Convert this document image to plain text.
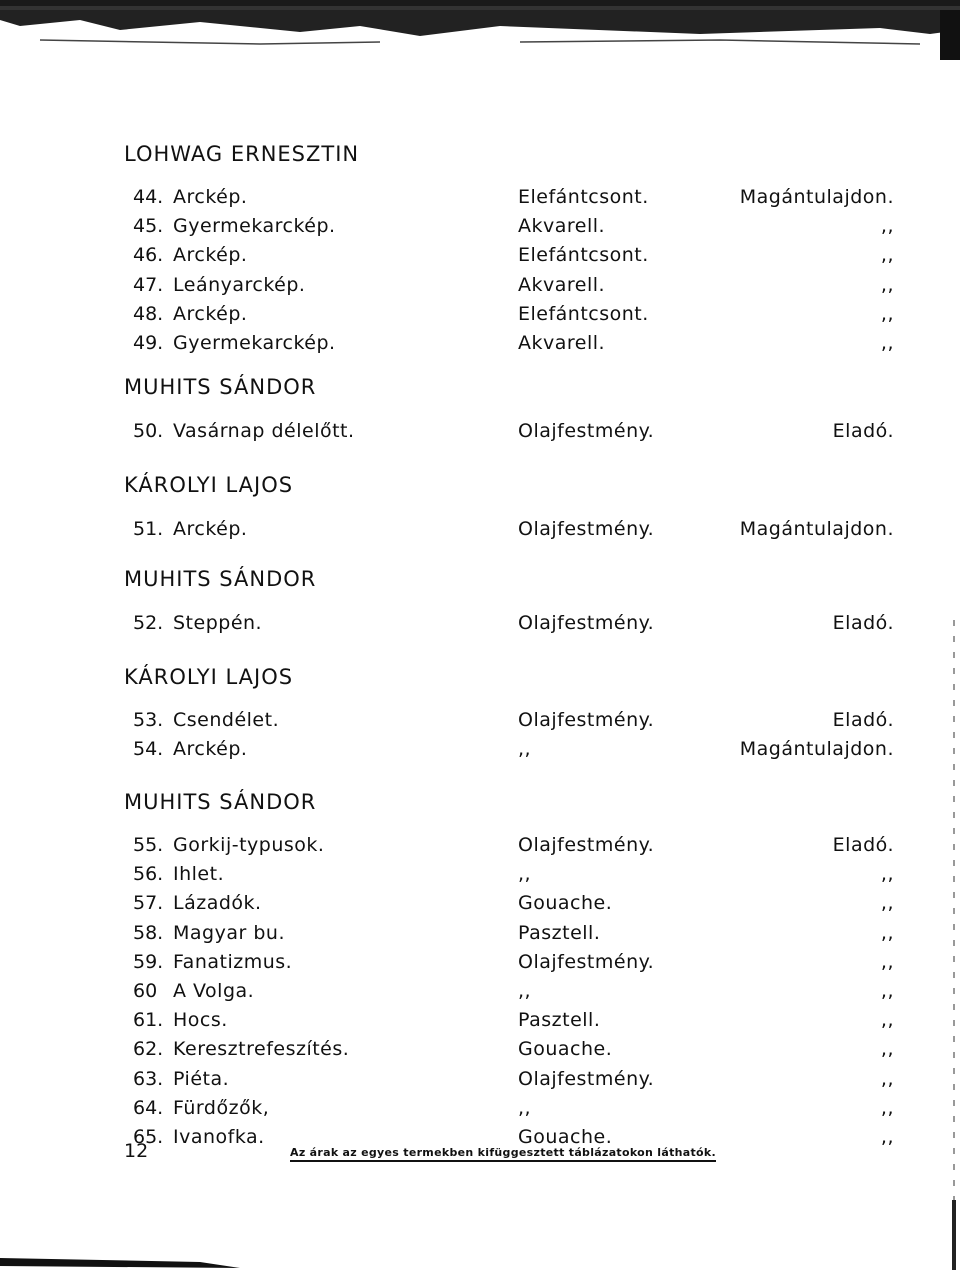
LOHWAG ERNESZTIN
44. Arckép.	Elefántcsont.	Magántulajdon.
45. Gyermekarckép.	Akvarell.	,,
46. Arckép.	Elefántcsont.	,,
47. Leányarckép.	Akvarell.	,,
48. Arckép.	Elefántcsont.	,,
49. Gyermekarckép.	Akvarell.	,,
MUHITS SÁNDOR
50. Vasárnap délelőtt.	Olajfestmény.	Eladó.
KÁROLYI LAJOS
51. Arckép.	Olajfestmény.	Magántulajdon.
MUHITS SÁNDOR
52. Steppén.	Olajfestmény.	Eladó.
KÁROLYI LAJOS
53. Csendélet.	Olajfestmény.	Eladó.
54. Arckép.	,,	Magántulajdon.
MUHITS SÁNDOR
55. Gorkij-typusok.	Olajfestmény.	Eladó.
56. Ihlet.	,,	,,
57. Lázadók.	Gouache.	,,
58. Magyar bu.	Pasztell.	,,
59. Fanatizmus.	Olajfestmény.	,,
60 A Volga.	,,	,,
61. Hocs.	Pasztell.	,,
62. Keresztrefeszítés.	Gouache.	,,
63. Piéta.	Olajfestmény.	,,
64. Fürdőzők,	,,	,,
65. Ivanofka.	Gouache.	,,
12	Az árak az egyes termekben kifüggesztett táblázatokon láthatók.
